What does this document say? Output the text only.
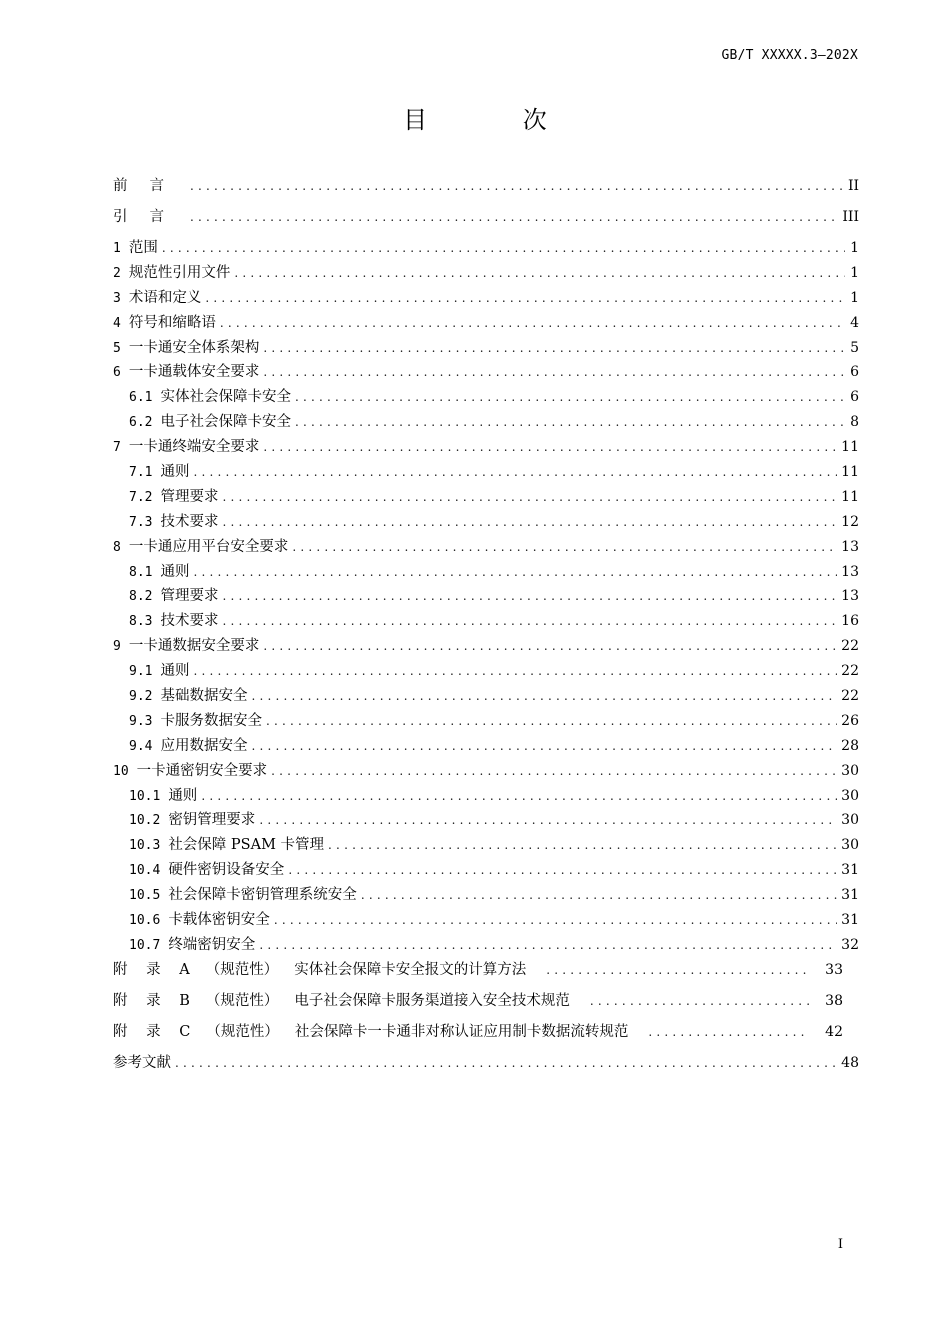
GB/T XXXXX.3—202X
目 次
前言 .....	II
引言 .....	III
1 范围 .....	1
2 规范性引用文件 .....	1
3 术语和定义 .....	1
4 符号和缩略语 .....	4
5 一卡通安全体系架构 .....	5
6 一卡通载体安全要求 .....	6
6.1 实体社会保障卡安全 .....	6
6.2 电子社会保障卡安全 .....	8
7 一卡通终端安全要求 .....	11
7.1 通则 .....	11
7.2 管理要求 .....	11
7.3 技术要求 .....	12
8 一卡通应用平台安全要求 .....	13
8.1 通则 .....	13
8.2 管理要求 .....	13
8.3 技术要求 .....	16
9 一卡通数据安全要求 .....	22
9.1 通则 .....	22
9.2 基础数据安全 .....	22
9.3 卡服务数据安全 .....	26
9.4 应用数据安全 .....	28
10 一卡通密钥安全要求 .....	30
10.1 通则 .....	30
10.2 密钥管理要求 .....	30
10.3 社会保障 PSAM 卡管理 .....	30
10.4 硬件密钥设备安全 .....	31
10.5 社会保障卡密钥管理系统安全 .....	31
10.6 卡载体密钥安全 .....	31
10.7 终端密钥安全 .....	32
附 录 A （规范性） 实体社会保障卡安全报文的计算方法 .....	33
附 录 B （规范性） 电子社会保障卡服务渠道接入安全技术规范 .....	38
附 录 C （规范性） 社会保障卡一卡通非对称认证应用制卡数据流转规范 .....	42
参考文献 .....	48
I
